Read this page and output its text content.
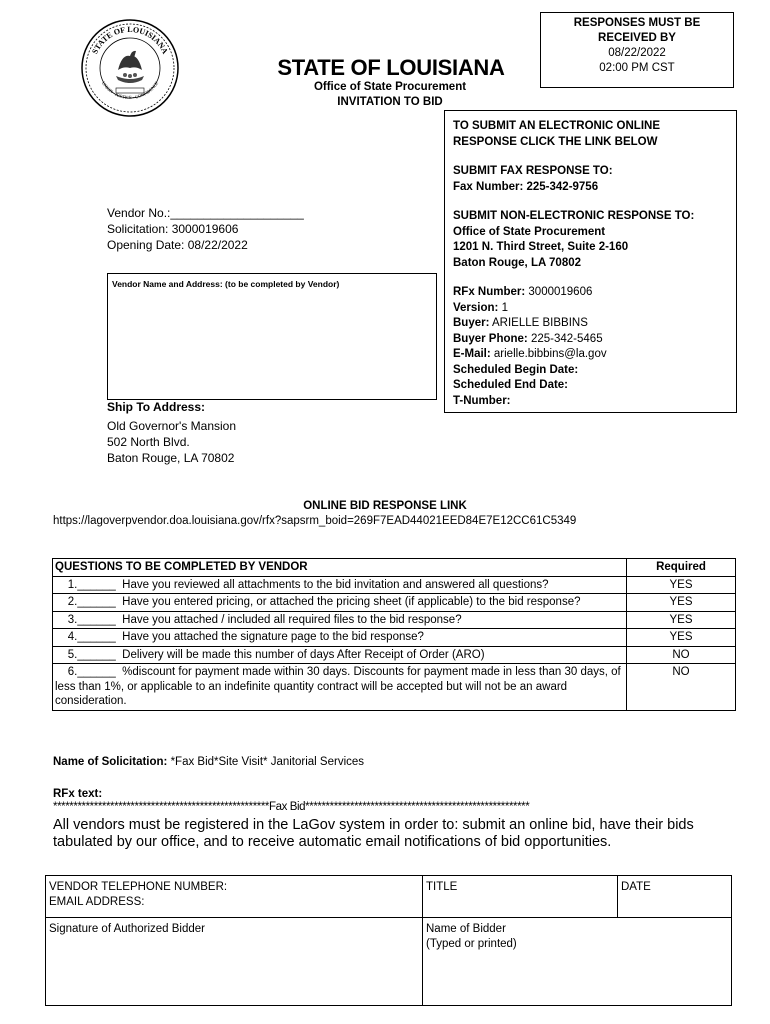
STATE OF LOUISIANA
UNION · JUSTICE · CONFIDENCE
RESPONSES MUST BE
RECEIVED BY
08/22/2022
02:00 PM CST
STATE OF LOUISIANA
Office of State Procurement
INVITATION TO BID

TO SUBMIT AN ELECTRONIC ONLINE

RESPONSE CLICK THE LINK BELOW

SUBMIT FAX RESPONSE TO:

Fax Number: 225-342-9756

SUBMIT NON-ELECTRONIC RESPONSE TO:

Office of State Procurement

1201 N. Third Street, Suite 2-160

Baton Rouge, LA 70802

RFx Number: 3000019606

Version: 1

Buyer: ARIELLE BIBBINS

Buyer Phone: 225-342-5465

E-Mail: arielle.bibbins@la.gov

Scheduled Begin Date:

Scheduled End Date:

T-Number:

Vendor No.:____________________
Solicitation: 3000019606
Opening Date: 08/22/2022
Vendor Name and Address: (to be completed by Vendor)
Ship To Address:
Old Governor's Mansion
502 North Blvd.
Baton Rouge, LA 70802
ONLINE BID RESPONSE LINK
https://lagoverpvendor.doa.louisiana.gov/rfx?sapsrm_boid=269F7EAD44021EED84E7E12CC61C5349
QUESTIONS TO BE COMPLETED BY VENDOR	Required
1.______  Have you reviewed all attachments to the bid invitation and answered all questions?	YES
2.______  Have you entered pricing, or attached the pricing sheet (if applicable) to the bid response?	YES
3.______  Have you attached / included all required files to the bid response?	YES
4.______  Have you attached the signature page to the bid response?	YES
5.______  Delivery will be made this number of days After Receipt of Order (ARO)	NO
6.______  %discount for payment made within 30 days. Discounts for payment made in less than 30 days, of less than 1%, or applicable to an indefinite quantity contract will be accepted but will not be an award consideration.	NO
Name of Solicitation: *Fax Bid*Site Visit* Janitorial Services
RFx text:
*****************************************************Fax Bid*******************************************************
All vendors must be registered in the LaGov system in order to: submit an online bid, have their bids tabulated by our office, and to receive automatic email notifications of bid opportunities.
VENDOR TELEPHONE NUMBER:
EMAIL ADDRESS:	TITLE	DATE
Signature of Authorized Bidder	Name of Bidder
(Typed or printed)	
